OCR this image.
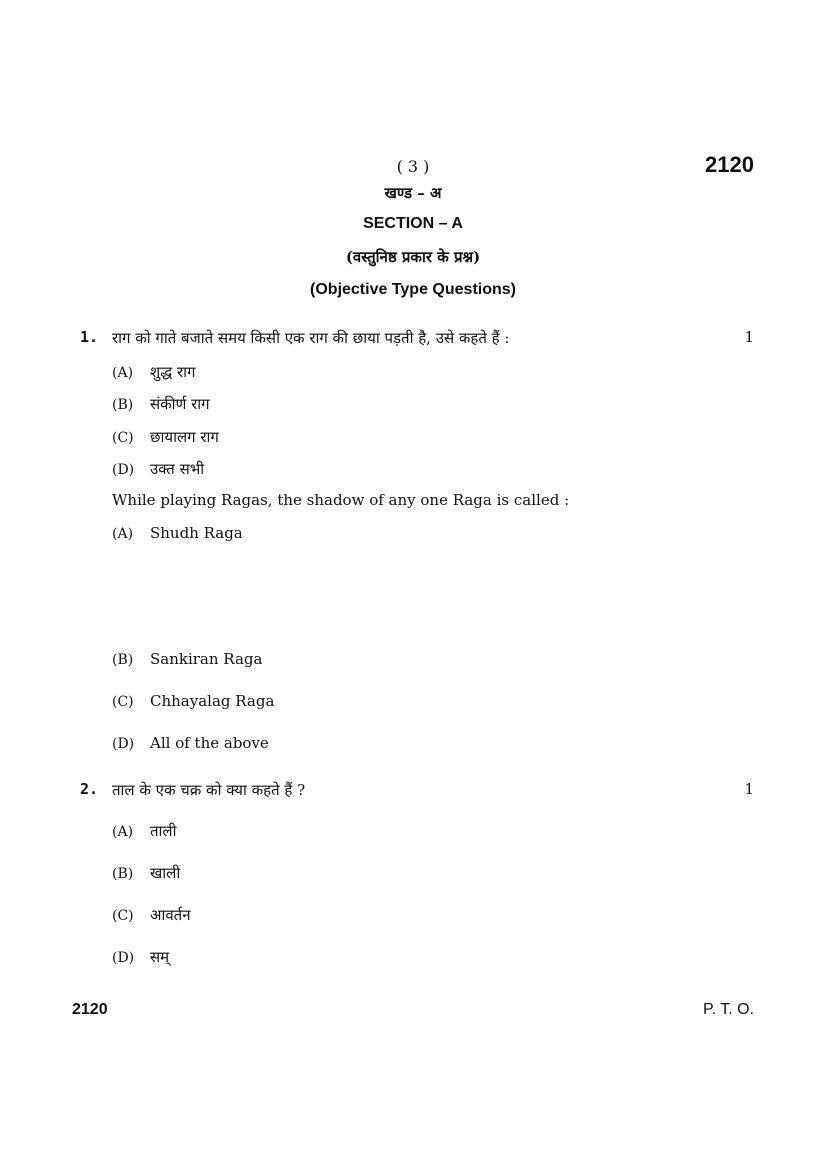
( 3 )	2120
खण्ड – अ
SECTION – A
(वस्तुनिष्ठ प्रकार के प्रश्न)
(Objective Type Questions)
1. राग को गाते बजाते समय किसी एक राग की छाया पड़ती है, उसे कहते हैं :	1
(A) शुद्ध राग
(B) संकीर्ण राग
(C) छायालग राग
(D) उक्त सभी
While playing Ragas, the shadow of any one Raga is called :
(A) Shudh Raga
(B) Sankiran Raga
(C) Chhayalag Raga
(D) All of the above
2. ताल के एक चक्र को क्या कहते हैं ?	1
(A) ताली
(B) खाली
(C) आवर्तन
(D) सम्
2120	P. T. O.
